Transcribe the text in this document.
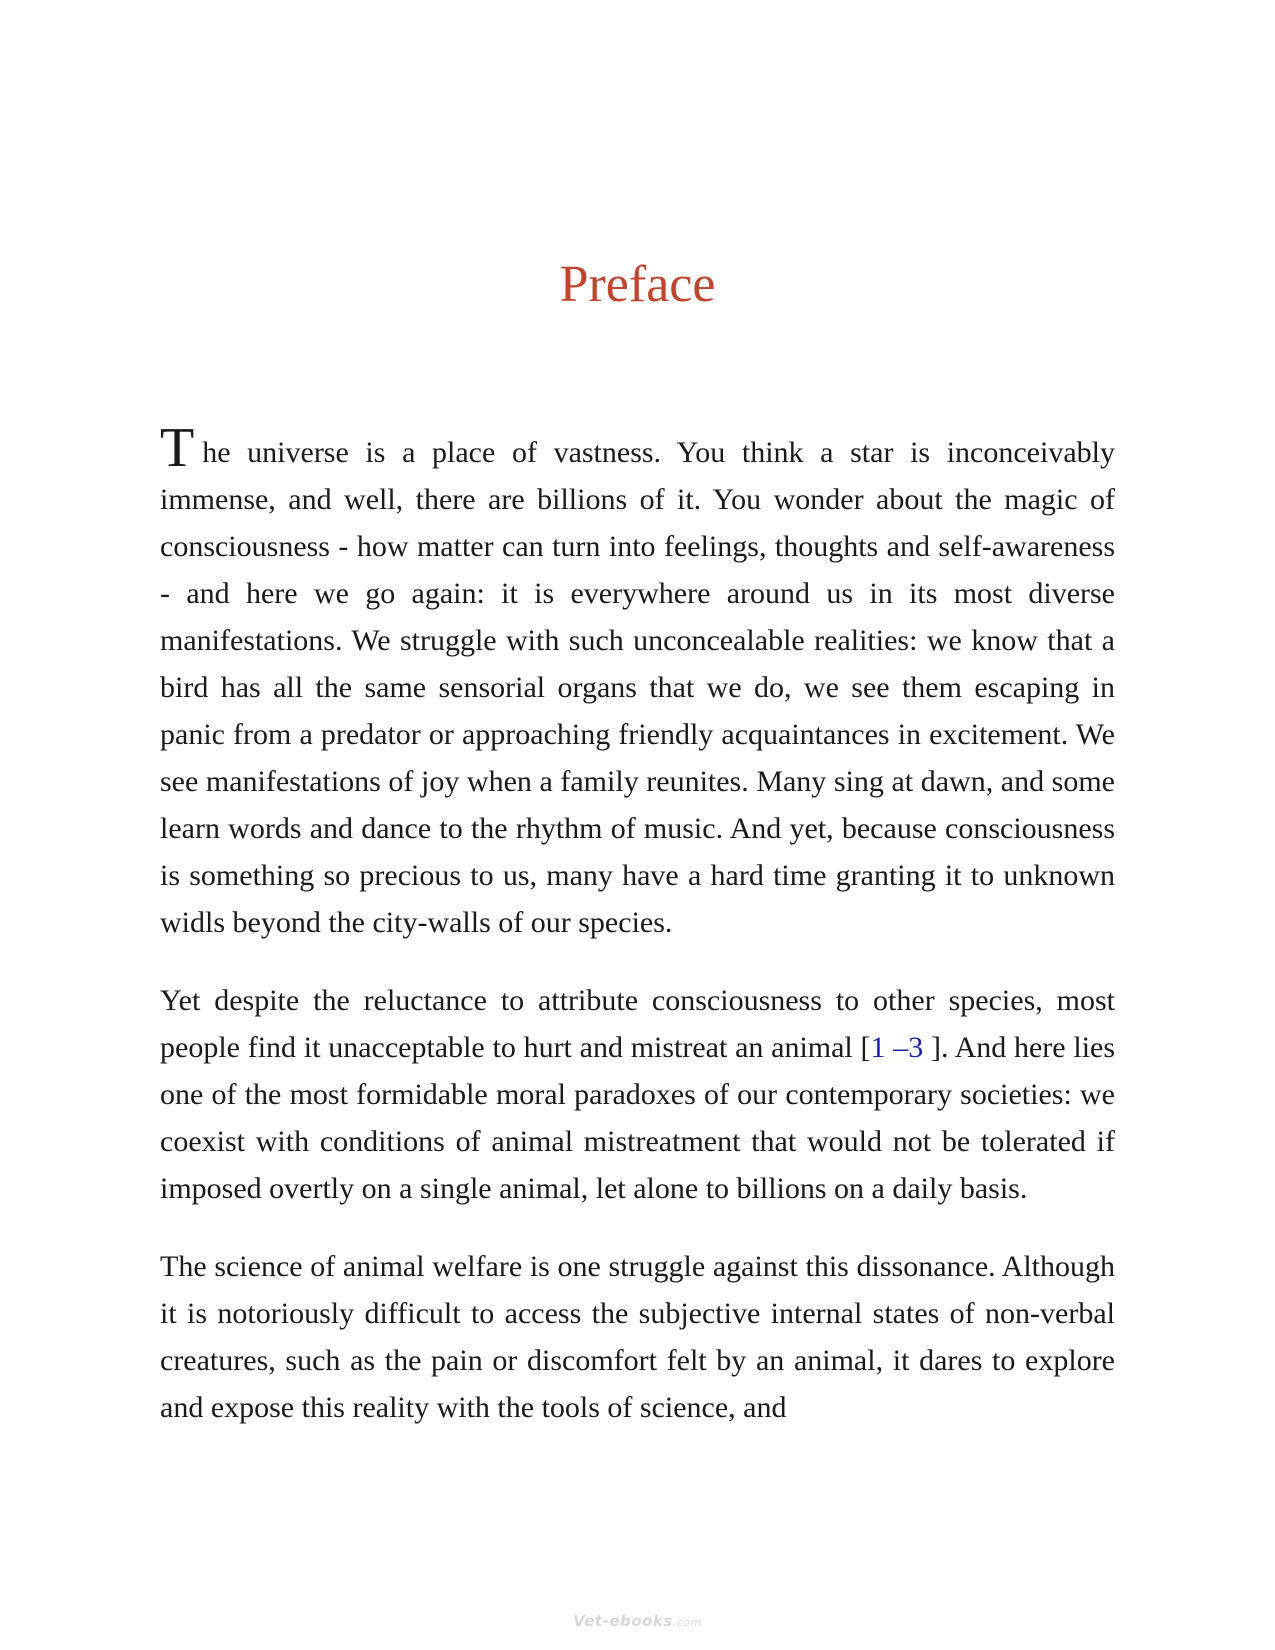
Preface

The universe is a place of vastness. You think a star is inconceivably immense, and well, there are billions of it. You wonder about the magic of consciousness - how matter can turn into feelings, thoughts and self-awareness - and here we go again: it is everywhere around us in its most diverse manifestations. We struggle with such unconcealable realities: we know that a bird has all the same sensorial organs that we do, we see them escaping in panic from a predator or approaching friendly acquaintances in excitement. We see manifestations of joy when a family reunites. Many sing at dawn, and some learn words and dance to the rhythm of music. And yet, because consciousness is something so precious to us, many have a hard time granting it to unknown widls beyond the city-walls of our species.

Yet despite the reluctance to attribute consciousness to other species, most people find it unacceptable to hurt and mistreat an animal [1 –3 ]. And here lies one of the most formidable moral paradoxes of our contemporary societies: we coexist with conditions of animal mistreatment that would not be tolerated if imposed overtly on a single animal, let alone to billions on a daily basis.

The science of animal welfare is one struggle against this dissonance. Although it is notoriously difficult to access the subjective internal states of non-verbal creatures, such as the pain or discomfort felt by an animal, it dares to explore and expose this reality with the tools of science, and

Vet-ebooks.com
